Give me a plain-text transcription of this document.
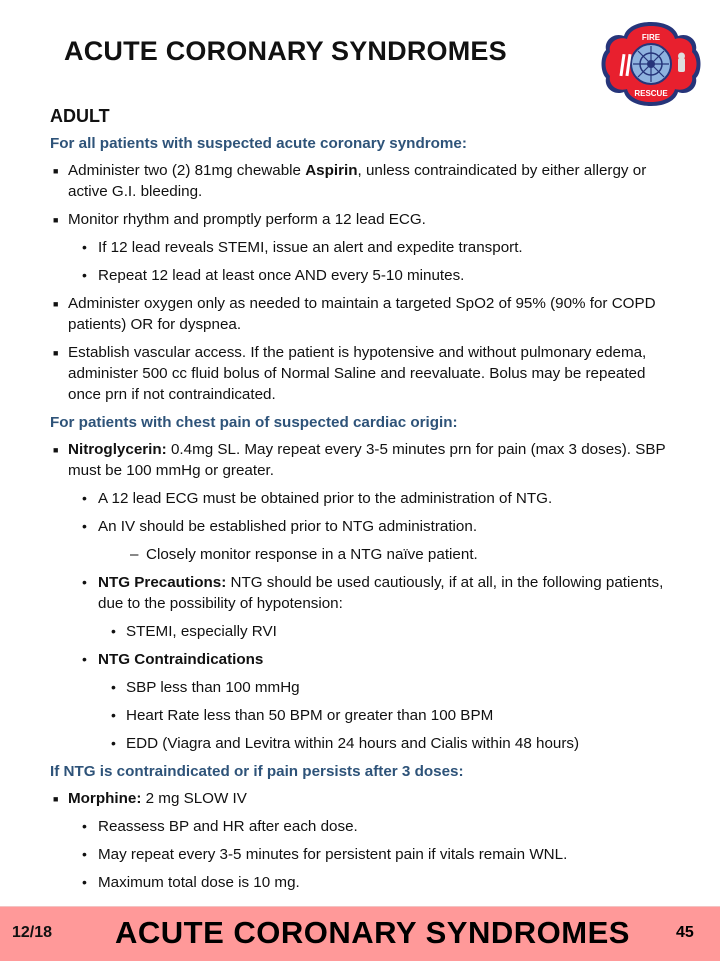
ACUTE CORONARY SYNDROMES	FIRE
RESCUE
ADULT
For all patients with suspected acute coronary syndrome:
■ Administer two (2) 81mg chewable Aspirin, unless contraindicated by either allergy or active G.I. bleeding.
■ Monitor rhythm and promptly perform a 12 lead ECG.
• If 12 lead reveals STEMI, issue an alert and expedite transport.
• Repeat 12 lead at least once AND every 5-10 minutes.
■ Administer oxygen only as needed to maintain a targeted SpO2 of 95% (90% for COPD patients) OR for dyspnea.
■ Establish vascular access. If the patient is hypotensive and without pulmonary edema, administer 500 cc fluid bolus of Normal Saline and reevaluate. Bolus may be repeated once prn if not contraindicated.
For patients with chest pain of suspected cardiac origin:
■ Nitroglycerin: 0.4mg SL. May repeat every 3-5 minutes prn for pain (max 3 doses). SBP must be 100 mmHg or greater.
• A 12 lead ECG must be obtained prior to the administration of NTG.
• An IV should be established prior to NTG administration.
– Closely monitor response in a NTG naïve patient.
• NTG Precautions: NTG should be used cautiously, if at all, in the following patients, due to the possibility of hypotension:
• STEMI, especially RVI
• NTG Contraindications
• SBP less than 100 mmHg
• Heart Rate less than 50 BPM or greater than 100 BPM
• EDD (Viagra and Levitra within 24 hours and Cialis within 48 hours)
If NTG is contraindicated or if pain persists after 3 doses:
■ Morphine: 2 mg SLOW IV
• Reassess BP and HR after each dose.
• May repeat every 3-5 minutes for persistent pain if vitals remain WNL.
• Maximum total dose is 10 mg.
12/18 ACUTE CORONARY SYNDROMES	45
